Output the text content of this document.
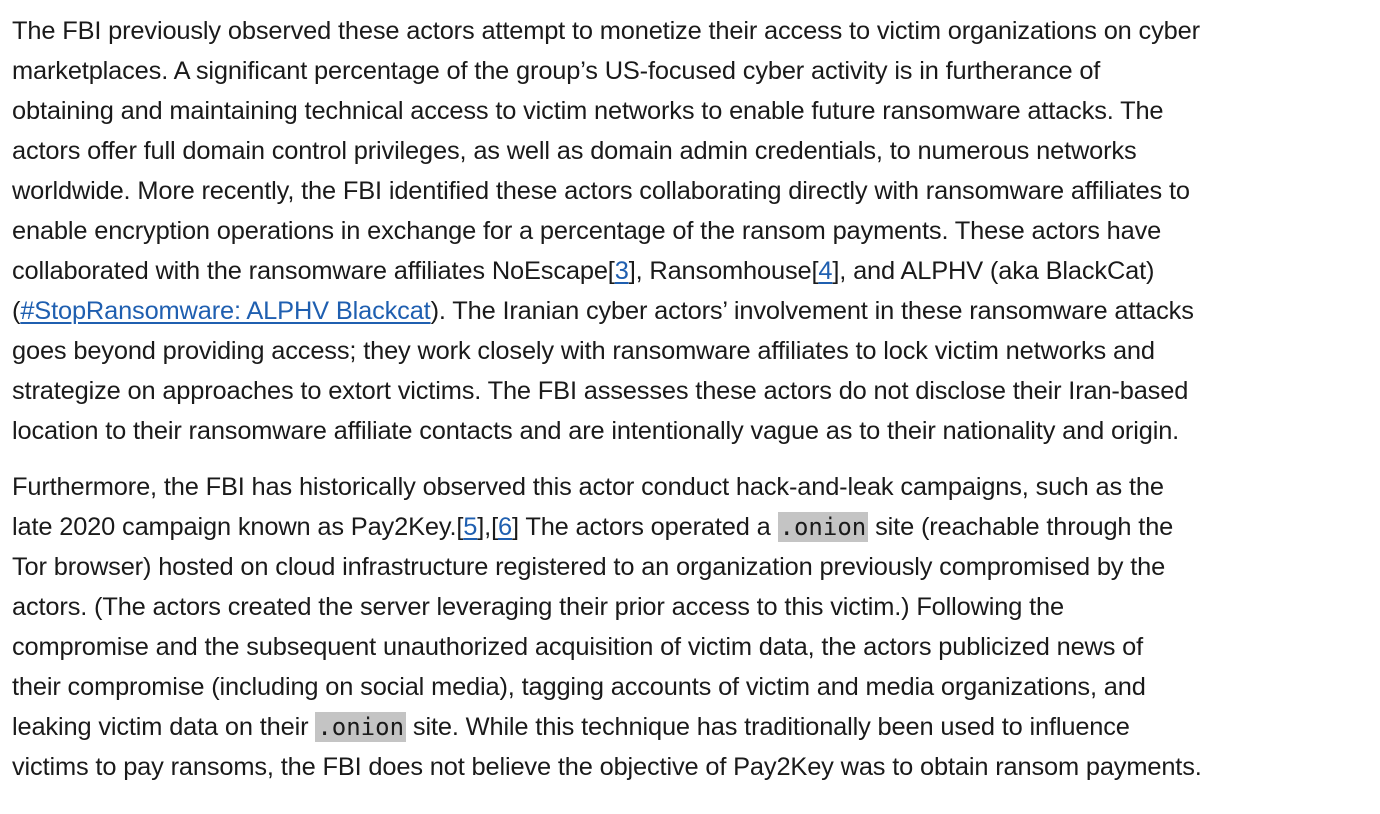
The FBI previously observed these actors attempt to monetize their access to victim organizations on cyber
marketplaces. A significant percentage of the group’s US-focused cyber activity is in furtherance of
obtaining and maintaining technical access to victim networks to enable future ransomware attacks. The
actors offer full domain control privileges, as well as domain admin credentials, to numerous networks
worldwide. More recently, the FBI identified these actors collaborating directly with ransomware affiliates to
enable encryption operations in exchange for a percentage of the ransom payments. These actors have
collaborated with the ransomware affiliates NoEscape[3], Ransomhouse[4], and ALPHV (aka BlackCat)
(#StopRansomware: ALPHV Blackcat). The Iranian cyber actors’ involvement in these ransomware attacks
goes beyond providing access; they work closely with ransomware affiliates to lock victim networks and
strategize on approaches to extort victims. The FBI assesses these actors do not disclose their Iran-based
location to their ransomware affiliate contacts and are intentionally vague as to their nationality and origin.

Furthermore, the FBI has historically observed this actor conduct hack-and-leak campaigns, such as the
late 2020 campaign known as Pay2Key.[5],[6] The actors operated a .onion site (reachable through the
Tor browser) hosted on cloud infrastructure registered to an organization previously compromised by the
actors. (The actors created the server leveraging their prior access to this victim.) Following the
compromise and the subsequent unauthorized acquisition of victim data, the actors publicized news of
their compromise (including on social media), tagging accounts of victim and media organizations, and
leaking victim data on their .onion site. While this technique has traditionally been used to influence
victims to pay ransoms, the FBI does not believe the objective of Pay2Key was to obtain ransom payments.
